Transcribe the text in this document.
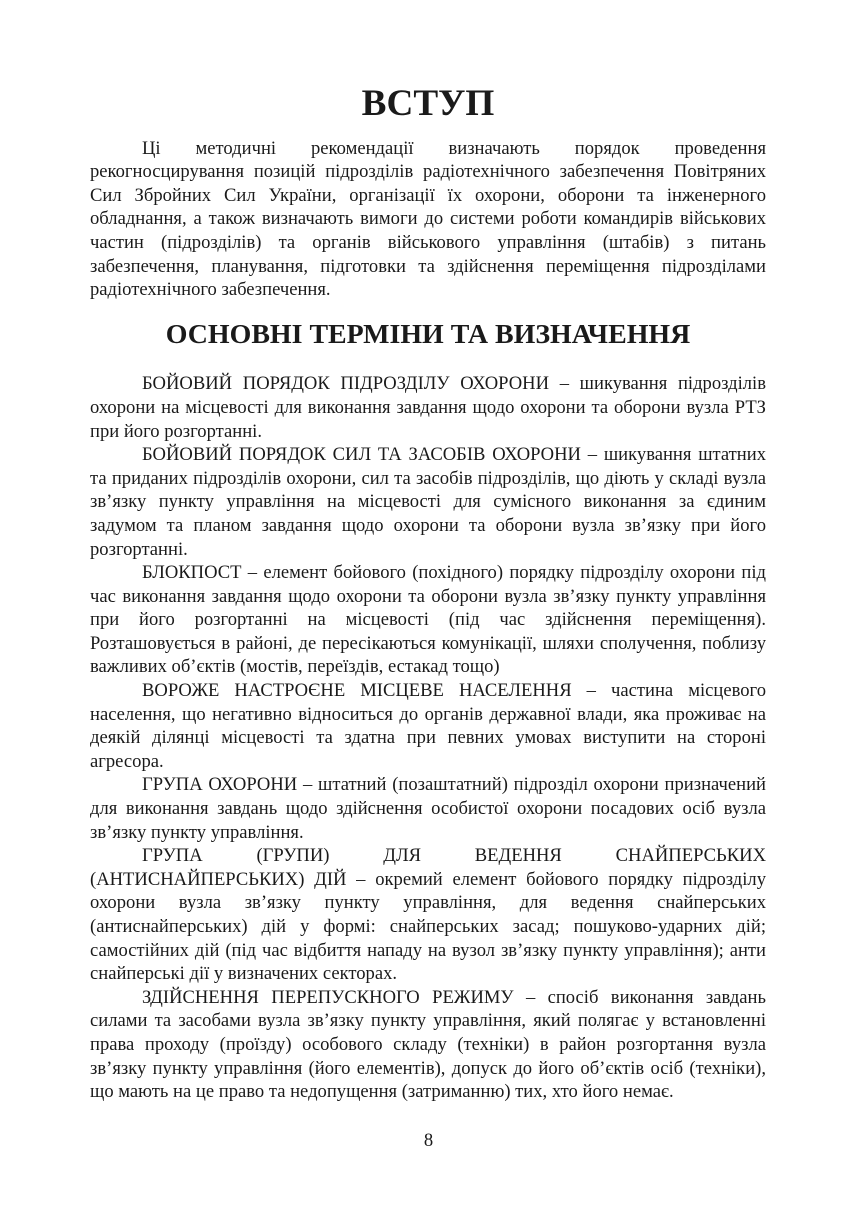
ВСТУП

Ці методичні рекомендації визначають порядок проведення рекогносцирування позицій підрозділів радіотехнічного забезпечення Повітряних Сил Збройних Сил України, організації їх охорони, оборони та інженерного обладнання, а також визначають вимоги до системи роботи командирів військових частин (підрозділів) та органів військового управління (штабів) з питань забезпечення, планування, підготовки та здійснення переміщення підрозділами радіотехнічного забезпечення.

ОСНОВНІ ТЕРМІНИ ТА ВИЗНАЧЕННЯ

БОЙОВИЙ ПОРЯДОК ПІДРОЗДІЛУ ОХОРОНИ – шикування підрозділів охорони на місцевості для виконання завдання щодо охорони та оборони вузла РТЗ при його розгортанні.

БОЙОВИЙ ПОРЯДОК СИЛ ТА ЗАСОБІВ ОХОРОНИ – шикування штатних та приданих підрозділів охорони, сил та засобів підрозділів, що діють у складі вузла зв’язку пункту управління на місцевості для сумісного виконання за єдиним задумом та планом завдання щодо охорони та оборони вузла зв’язку при його розгортанні.

БЛОКПОСТ – елемент бойового (похідного) порядку підрозділу охорони під час виконання завдання щодо охорони та оборони вузла зв’язку пункту управління при його розгортанні на місцевості (під час здійснення переміщення). Розташовується в районі, де пересікаються комунікації, шляхи сполучення, поблизу важливих об’єктів (мостів, переїздів, естакад тощо)

ВОРОЖЕ НАСТРОЄНЕ МІСЦЕВЕ НАСЕЛЕННЯ – частина місцевого населення, що негативно відноситься до органів державної влади, яка проживає на деякій ділянці місцевості та здатна при певних умовах виступити на стороні агресора.

ГРУПА ОХОРОНИ – штатний (позаштатний) підрозділ охорони призначений для виконання завдань щодо здійснення особистої охорони посадових осіб вузла зв’язку пункту управління.

ГРУПА (ГРУПИ) ДЛЯ ВЕДЕННЯ СНАЙПЕРСЬКИХ (АНТИСНАЙПЕРСЬКИХ) ДІЙ – окремий елемент бойового порядку підрозділу охорони вузла зв’язку пункту управління, для ведення снайперських (антиснайперських) дій у формі: снайперських засад; пошуково-ударних дій; самостійних дій (під час відбиття нападу на вузол зв’язку пункту управління); анти снайперські дії у визначених секторах.

ЗДІЙСНЕННЯ ПЕРЕПУСКНОГО РЕЖИМУ – спосіб виконання завдань силами та засобами вузла зв’язку пункту управління, який полягає у встановленні права проходу (проїзду) особового складу (техніки) в район розгортання вузла зв’язку пункту управління (його елементів), допуск до його об’єктів осіб (техніки), що мають на це право та недопущення (затриманню) тих, хто його немає.

8
